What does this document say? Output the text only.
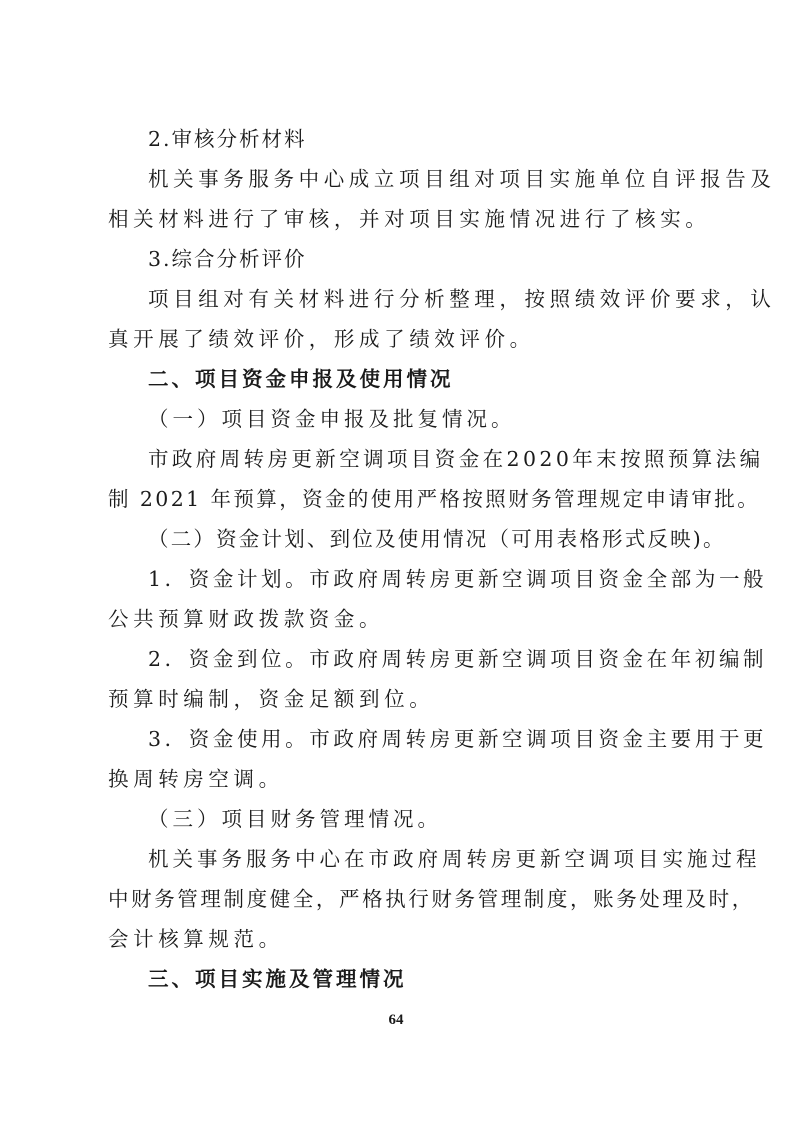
2.审核分析材料
机关事务服务中心成立项目组对项目实施单位自评报告及
相关材料进行了审核，并对项目实施情况进行了核实。
3.综合分析评价
项目组对有关材料进行分析整理，按照绩效评价要求，认
真开展了绩效评价，形成了绩效评价。
二、项目资金申报及使用情况
（一）项目资金申报及批复情况。
市政府周转房更新空调项目资金在2020年末按照预算法编
制 2021 年预算，资金的使用严格按照财务管理规定申请审批。
（二）资金计划、到位及使用情况（可用表格形式反映)。
1．资金计划。市政府周转房更新空调项目资金全部为一般
公共预算财政拨款资金。
2．资金到位。市政府周转房更新空调项目资金在年初编制
预算时编制，资金足额到位。
3．资金使用。市政府周转房更新空调项目资金主要用于更
换周转房空调。
（三）项目财务管理情况。
机关事务服务中心在市政府周转房更新空调项目实施过程
中财务管理制度健全，严格执行财务管理制度，账务处理及时，
会计核算规范。
三、项目实施及管理情况
64
